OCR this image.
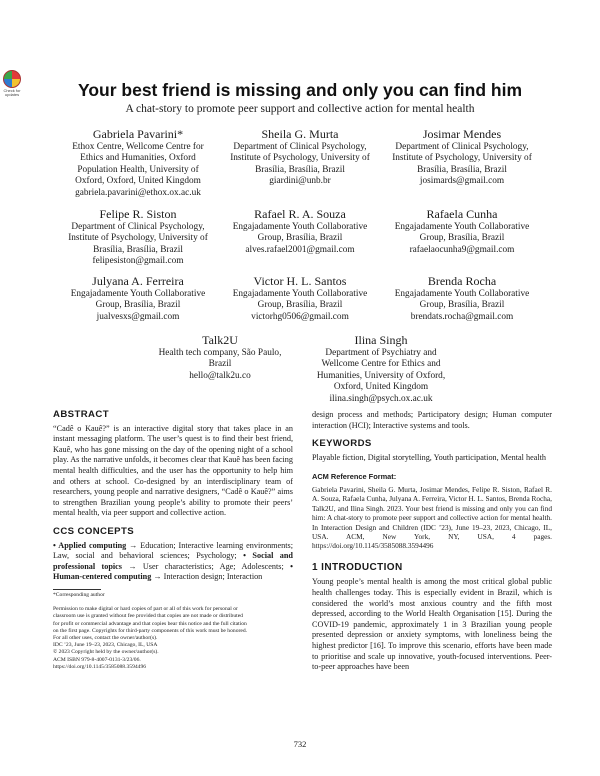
Check for updates	Your best friend is missing and only you can find him
A chat-story to promote peer support and collective action for mental health
Gabriela Pavarini*
Ethox Centre, Wellcome Centre for
Ethics and Humanities, Oxford
Population Health, University of
Oxford, Oxford, United Kingdom
gabriela.pavarini@ethox.ox.ac.uk
Sheila G. Murta
Department of Clinical Psychology,
Institute of Psychology, University of
Brasília, Brasília, Brazil
giardini@unb.br
Josimar Mendes
Department of Clinical Psychology,
Institute of Psychology, University of
Brasília, Brasília, Brazil
josimards@gmail.com
Felipe R. Siston
Department of Clinical Psychology,
Institute of Psychology, University of
Brasília, Brasília, Brazil
felipesiston@gmail.com
Rafael R. A. Souza
Engajadamente Youth Collaborative
Group, Brasília, Brazil
alves.rafael2001@gmail.com
Rafaela Cunha
Engajadamente Youth Collaborative
Group, Brasília, Brazil
rafaelaocunha9@gmail.com
Julyana A. Ferreira
Engajadamente Youth Collaborative
Group, Brasília, Brazil
jualvesxs@gmail.com
Victor H. L. Santos
Engajadamente Youth Collaborative
Group, Brasília, Brazil
victorhg0506@gmail.com
Brenda Rocha
Engajadamente Youth Collaborative
Group, Brasília, Brazil
brendats.rocha@gmail.com
Talk2U
Health tech company, São Paulo,
Brazil
hello@talk2u.co
Ilina Singh
Department of Psychiatry and
Wellcome Centre for Ethics and
Humanities, University of Oxford,
Oxford, United Kingdom
ilina.singh@psych.ox.ac.uk
ABSTRACT

“Cadê o Kauê?” is an interactive digital story that takes place in an instant messaging platform. The user’s quest is to find their best friend, Kauê, who has gone missing on the day of the opening night of a school play. As the narrative unfolds, it becomes clear that Kauê has been facing mental health difficulties, and the user has the opportunity to help him and others at school. Co-designed by an interdisciplinary team of researchers, young people and narrative designers, “Cadê o Kauê?” aims to strengthen Brazilian young people’s ability to promote their peers’ mental health, via peer support and collective action.

CCS CONCEPTS

• Applied computing → Education; Interactive learning environments; Law, social and behavioral sciences; Psychology; • Social and professional topics → User characteristics; Age; Adolescents; • Human-centered computing → Interaction design; Interaction

*Corresponding author
Permission to make digital or hard copies of part or all of this work for personal or
classroom use is granted without fee provided that copies are not made or distributed
for profit or commercial advantage and that copies bear this notice and the full citation
on the first page. Copyrights for third-party components of this work must be honored.
For all other uses, contact the owner/author(s).
IDC ’23, June 19–23, 2023, Chicago, IL, USA
© 2023 Copyright held by the owner/author(s).
ACM ISBN 979-8-4007-0131-3/23/06.
https://doi.org/10.1145/3585088.3594496

design process and methods; Participatory design; Human computer interaction (HCI); Interactive systems and tools.

KEYWORDS

Playable fiction, Digital storytelling, Youth participation, Mental health

ACM Reference Format:

Gabriela Pavarini, Sheila G. Murta, Josimar Mendes, Felipe R. Siston, Rafael R. A. Souza, Rafaela Cunha, Julyana A. Ferreira, Victor H. L. Santos, Brenda Rocha, Talk2U, and Ilina Singh. 2023. Your best friend is missing and only you can find him: A chat-story to promote peer support and collective action for mental health. In Interaction Design and Children (IDC ’23), June 19–23, 2023, Chicago, IL, USA. ACM, New York, NY, USA, 4 pages. https://doi.org/10.1145/3585088.3594496

1 INTRODUCTION

Young people’s mental health is among the most critical global public health challenges today. This is especially evident in Brazil, which is considered the world’s most anxious country and the fifth most depressed, according to the World Health Organisation [15]. During the COVID-19 pandemic, approximately 1 in 3 Brazilian young people presented depression or anxiety symptoms, with loneliness being the highest predictor [16]. To improve this scenario, efforts have been made to prioritise and scale up innovative, youth-focused interventions. Peer-to-peer approaches have been

732
